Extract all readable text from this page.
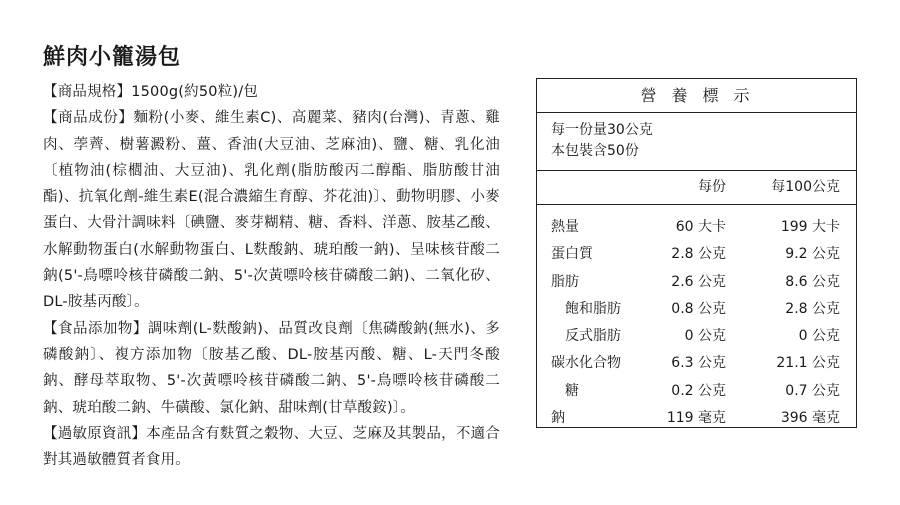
鮮肉小籠湯包

【商品規格】1500g(約50粒)/包

【商品成份】麵粉(小麥、維生素C)、高麗菜、豬肉(台灣)、青蔥、雞肉、荸薺、樹薯澱粉、薑、香油(大豆油、芝麻油)、鹽、糖、乳化油〔植物油(棕櫚油、大豆油)、乳化劑(脂肪酸丙二醇酯、脂肪酸甘油酯)、抗氧化劑-維生素E(混合濃縮生育醇、芥花油)〕、動物明膠、小麥蛋白、大骨汁調味料〔碘鹽、麥芽糊精、糖、香料、洋蔥、胺基乙酸、水解動物蛋白(水解動物蛋白、L麩酸鈉、琥珀酸一鈉)、呈味核苷酸二鈉(5'-鳥嘌呤核苷磷酸二鈉、5'-次黃嘌呤核苷磷酸二鈉)、二氧化矽、DL-胺基丙酸〕。

【食品添加物】調味劑(L-麩酸鈉)、品質改良劑〔焦磷酸鈉(無水)、多磷酸鈉〕、複方添加物〔胺基乙酸、DL-胺基丙酸、糖、L-天門冬酸鈉、酵母萃取物、5'-次黃嘌呤核苷磷酸二鈉、5'-鳥嘌呤核苷磷酸二鈉、琥珀酸二鈉、牛磺酸、氯化鈉、甜味劑(甘草酸銨)〕。

【過敏原資訊】本產品含有麩質之穀物、大豆、芝麻及其製品，不適合對其過敏體質者食用。

營養標示
每一份量30公克
本包裝含50份
每份	每100公克
熱量	60 大卡	199 大卡
蛋白質	2.8 公克	9.2 公克
脂肪	2.6 公克	8.6 公克
飽和脂肪	0.8 公克	2.8 公克
反式脂肪	0 公克	0 公克
碳水化合物	6.3 公克	21.1 公克
糖	0.2 公克	0.7 公克
鈉	119 毫克	396 毫克
